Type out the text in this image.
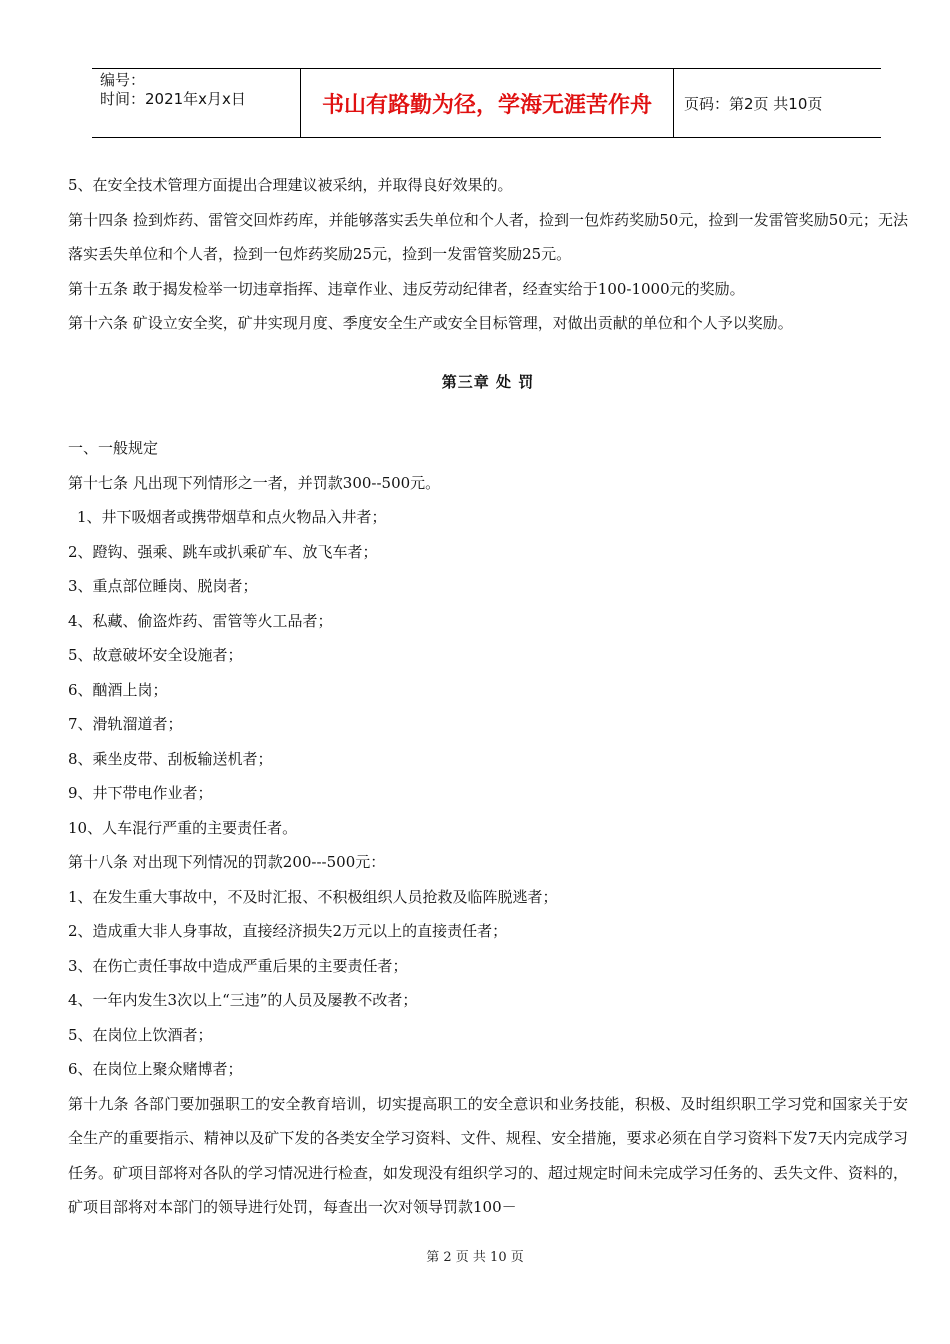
编号：
时间：2021年x月x日	书山有路勤为径，学海无涯苦作舟	页码：第2页 共10页

5、在安全技术管理方面提出合理建议被采纳，并取得良好效果的。

第十四条 捡到炸药、雷管交回炸药库，并能够落实丢失单位和个人者，捡到一包炸药奖励50元，捡到一发雷管奖励50元；无法落实丢失单位和个人者，捡到一包炸药奖励25元，捡到一发雷管奖励25元。

第十五条 敢于揭发检举一切违章指挥、违章作业、违反劳动纪律者，经查实给于100-1000元的奖励。

第十六条 矿设立安全奖，矿井实现月度、季度安全生产或安全目标管理，对做出贡献的单位和个人予以奖励。

第三章 处 罚

一、一般规定

第十七条 凡出现下列情形之一者，并罚款300--500元。

1、井下吸烟者或携带烟草和点火物品入井者；

2、蹬钩、强乘、跳车或扒乘矿车、放飞车者；

3、重点部位睡岗、脱岗者；

4、私藏、偷盗炸药、雷管等火工品者；

5、故意破坏安全设施者；

6、酗酒上岗；

7、滑轨溜道者；

8、乘坐皮带、刮板输送机者；

9、井下带电作业者；

10、人车混行严重的主要责任者。

第十八条 对出现下列情况的罚款200---500元：

1、在发生重大事故中，不及时汇报、不积极组织人员抢救及临阵脱逃者；

2、造成重大非人身事故，直接经济损失2万元以上的直接责任者；

3、在伤亡责任事故中造成严重后果的主要责任者；

4、一年内发生3次以上“三违”的人员及屡教不改者；

5、在岗位上饮酒者；

6、在岗位上聚众赌博者；

第十九条 各部门要加强职工的安全教育培训，切实提高职工的安全意识和业务技能，积极、及时组织职工学习党和国家关于安全生产的重要指示、精神以及矿下发的各类安全学习资料、文件、规程、安全措施，要求必须在自学习资料下发7天内完成学习任务。矿项目部将对各队的学习情况进行检查，如发现没有组织学习的、超过规定时间未完成学习任务的、丢失文件、资料的，矿项目部将对本部门的领导进行处罚，每查出一次对领导罚款100－

第 2 页 共 10 页
